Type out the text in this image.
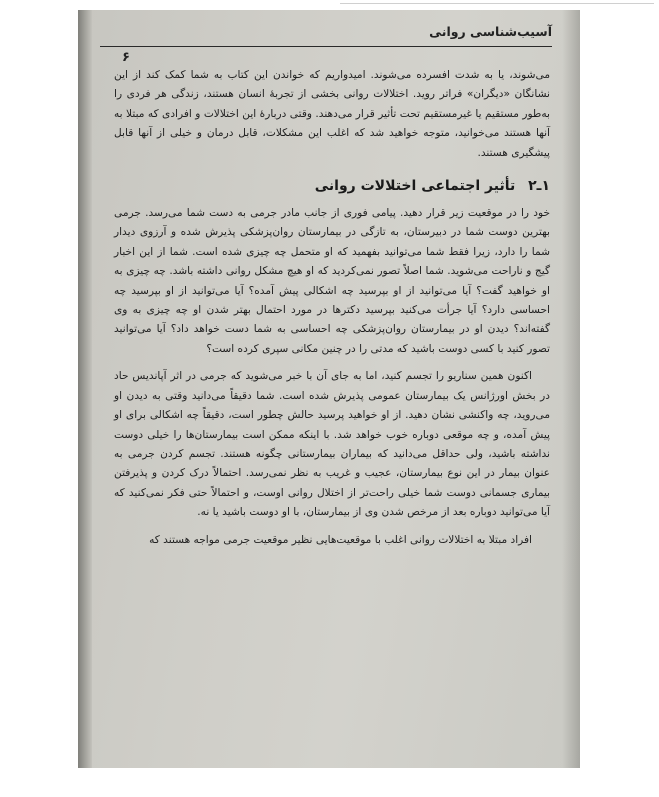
آسیب‌شناسی روانی
۶

می‌شوند، یا به شدت افسرده می‌شوند. امیدواریم که خواندن این کتاب به شما کمک کند از این نشانگان «دیگران» فراتر روید. اختلالات روانی بخشی از تجربهٔ انسان هستند، زندگی هر فردی را به‌طور مستقیم یا غیرمستقیم تحت تأثیر قرار می‌دهند. وقتی دربارهٔ این اختلالات و افرادی که مبتلا به آنها هستند می‌خوانید، متوجه خواهید شد که اغلب این مشکلات، قابل درمان و خیلی از آنها قابل پیشگیری هستند.

۱ـ۲ تأثیر اجتماعی اختلالات روانی

خود را در موقعیت زیر قرار دهید. پیامی فوری از جانب مادر جرمی به دست شما می‌رسد. جرمی بهترین دوست شما در دبیرستان، به تازگی در بیمارستان روان‌پزشکی پذیرش شده و آرزوی دیدار شما را دارد، زیرا فقط شما می‌توانید بفهمید که او متحمل چه چیزی شده است. شما از این اخبار گیج و ناراحت می‌شوید. شما اصلاً تصور نمی‌کردید که او هیچ مشکل روانی داشته باشد. چه چیزی به او خواهید گفت؟ آیا می‌توانید از او بپرسید چه اشکالی پیش آمده؟ آیا می‌توانید از او بپرسید چه احساسی دارد؟ آیا جرأت می‌کنید بپرسید دکترها در مورد احتمال بهتر شدن او چه چیزی به وی گفته‌اند؟ دیدن او در بیمارستان روان‌پزشکی چه احساسی به شما دست خواهد داد؟ آیا می‌توانید تصور کنید با کسی دوست باشید که مدتی را در چنین مکانی سپری کرده است؟

اکنون همین سناریو را تجسم کنید، اما به جای آن با خبر می‌شوید که جرمی در اثر آپاندیس حاد در بخش اورژانس یک بیمارستان عمومی پذیرش شده است. شما دقیقاً می‌دانید وقتی به دیدن او می‌روید، چه واکنشی نشان دهید. از او خواهید پرسید حالش چطور است، دقیقاً چه اشکالی برای او پیش آمده، و چه موقعی دوباره خوب خواهد شد. با اینکه ممکن است بیمارستان‌ها را خیلی دوست نداشته باشید، ولی حداقل می‌دانید که بیماران بیمارستانی چگونه هستند. تجسم کردن جرمی به عنوان بیمار در این نوع بیمارستان، عجیب و غریب به نظر نمی‌رسد. احتمالاً درک کردن و پذیرفتن بیماری جسمانی دوست شما خیلی راحت‌تر از اختلال روانی اوست، و احتمالاً حتی فکر نمی‌کنید که آیا می‌توانید دوباره بعد از مرخص شدن وی از بیمارستان، با او دوست باشید یا نه.

افراد مبتلا به اختلالات روانی اغلب با موقعیت‌هایی نظیر موقعیت جرمی مواجه هستند که
